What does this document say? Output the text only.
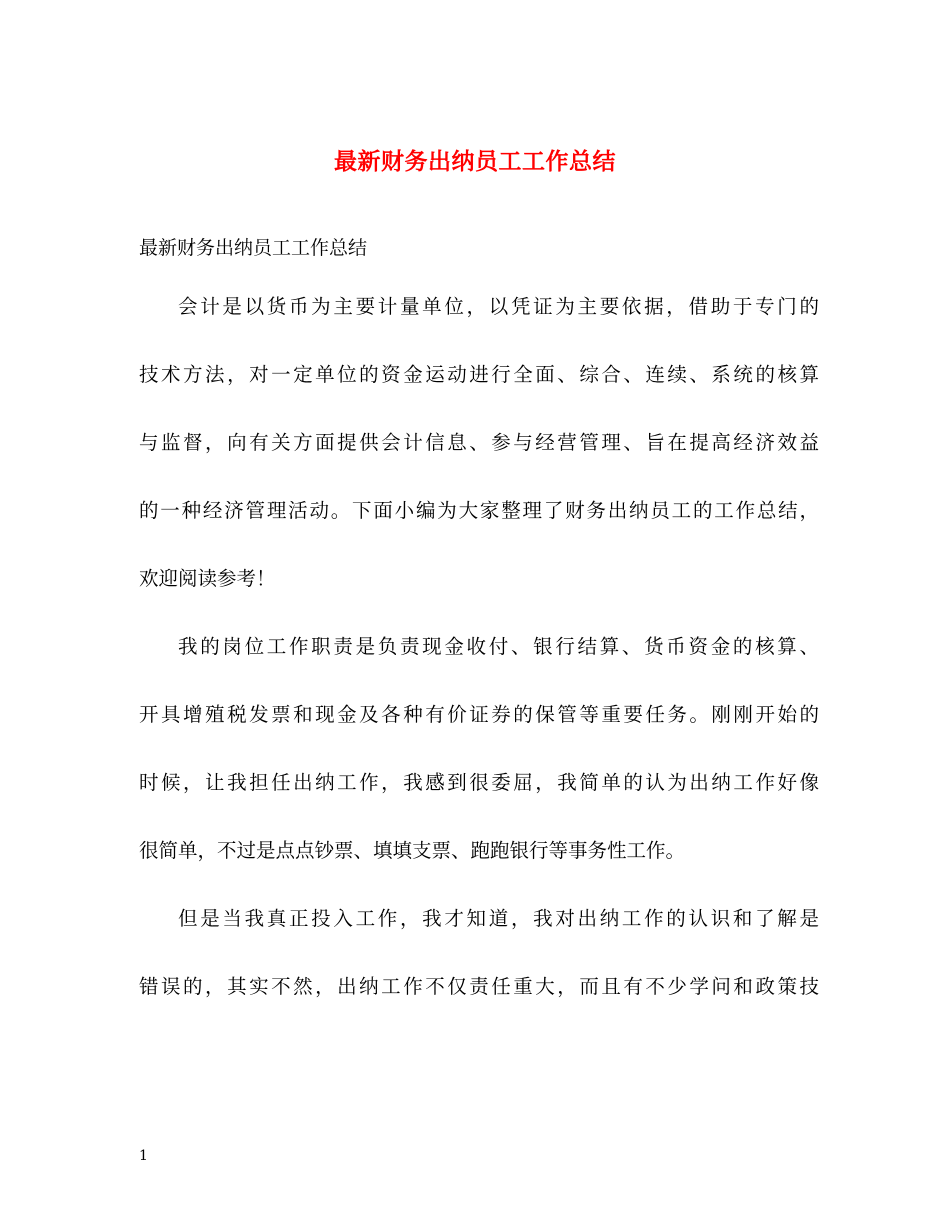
最新财务出纳员工工作总结
最新财务出纳员工工作总结
会计是以货币为主要计量单位，以凭证为主要依据，借助于专门的
技术方法，对一定单位的资金运动进行全面、综合、连续、系统的核算
与监督，向有关方面提供会计信息、参与经营管理、旨在提高经济效益
的一种经济管理活动。下面小编为大家整理了财务出纳员工的工作总结，
欢迎阅读参考！
我的岗位工作职责是负责现金收付、银行结算、货币资金的核算、
开具增殖税发票和现金及各种有价证券的保管等重要任务。刚刚开始的
时候，让我担任出纳工作，我感到很委屈，我简单的认为出纳工作好像
很简单，不过是点点钞票、填填支票、跑跑银行等事务性工作。
但是当我真正投入工作，我才知道，我对出纳工作的认识和了解是
错误的，其实不然，出纳工作不仅责任重大，而且有不少学问和政策技
1
